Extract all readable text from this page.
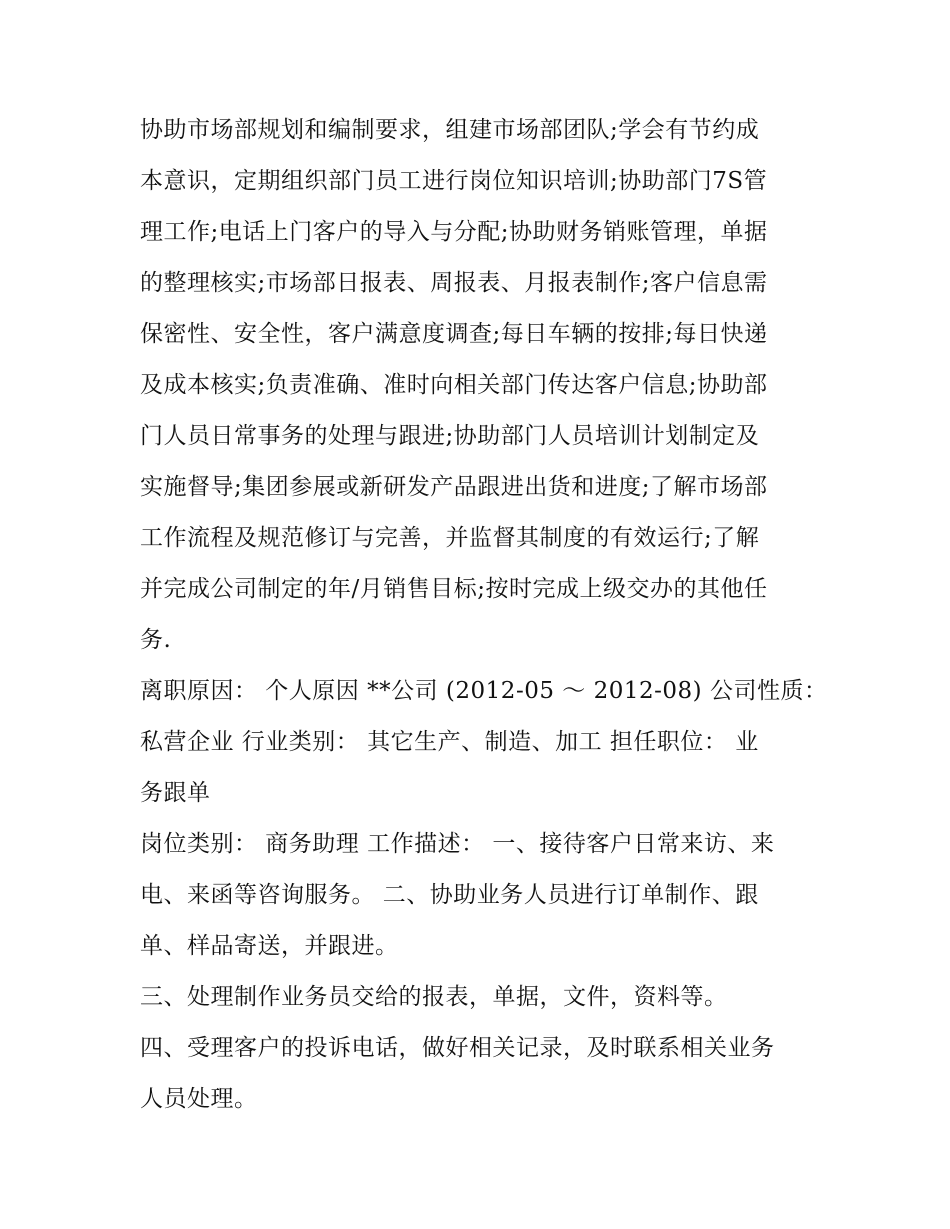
协助市场部规划和编制要求，组建市场部团队;学会有节约成
本意识，定期组织部门员工进行岗位知识培训;协助部门7S管
理工作;电话上门客户的导入与分配;协助财务销账管理，单据
的整理核实;市场部日报表、周报表、月报表制作;客户信息需
保密性、安全性，客户满意度调查;每日车辆的按排;每日快递
及成本核实;负责准确、准时向相关部门传达客户信息;协助部
门人员日常事务的处理与跟进;协助部门人员培训计划制定及
实施督导;集团参展或新研发产品跟进出货和进度;了解市场部
工作流程及规范修订与完善，并监督其制度的有效运行;了解
并完成公司制定的年/月销售目标;按时完成上级交办的其他任
务.
离职原因： 个人原因 **公司 (2012-05 ～ 2012-08) 公司性质：
私营企业 行业类别： 其它生产、制造、加工 担任职位： 业
务跟单
岗位类别： 商务助理 工作描述： 一、接待客户日常来访、来
电、来函等咨询服务。 二、协助业务人员进行订单制作、跟
单、样品寄送，并跟进。
三、处理制作业务员交给的报表，单据，文件，资料等。
四、受理客户的投诉电话，做好相关记录，及时联系相关业务
人员处理。
